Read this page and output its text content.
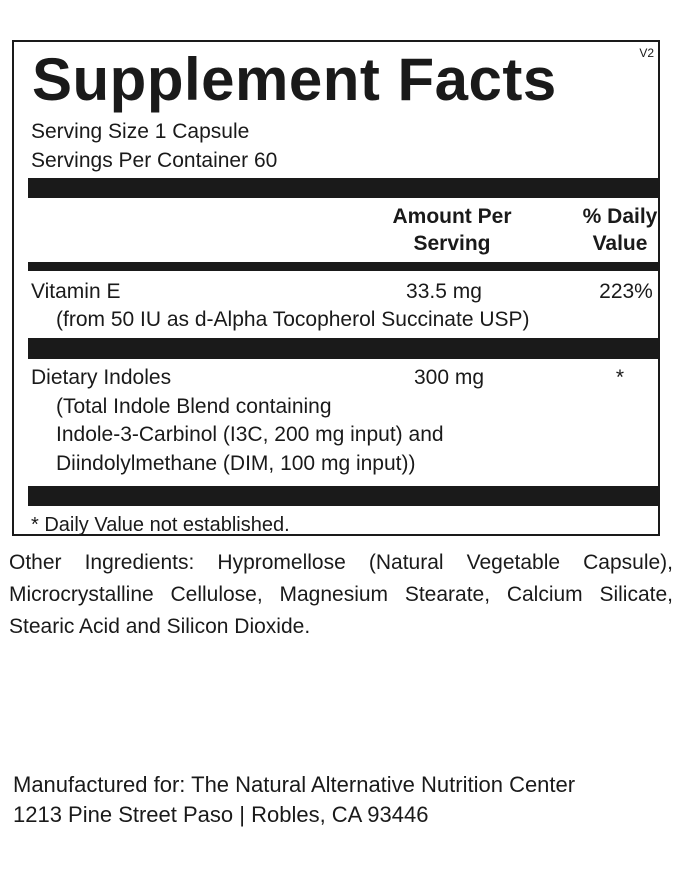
V2
Supplement Facts
Serving Size 1 Capsule
Servings Per Container 60
Amount Per
Serving
% Daily
Value
Vitamin E	33.5 mg	223%
(from 50 IU as d-Alpha Tocopherol Succinate USP)
Dietary Indoles	300 mg	*
(Total Indole Blend containing
Indole-3-Carbinol (I3C, 200 mg input) and
Diindolylmethane (DIM, 100 mg input))
* Daily Value not established.

Other Ingredients: Hypromellose (Natural Vegetable Capsule), Microcrystalline Cellulose, Magnesium Stearate, Calcium Silicate, Stearic Acid and Silicon Dioxide.

Manufactured for: The Natural Alternative Nutrition Center
1213 Pine Street Paso | Robles, CA 93446
